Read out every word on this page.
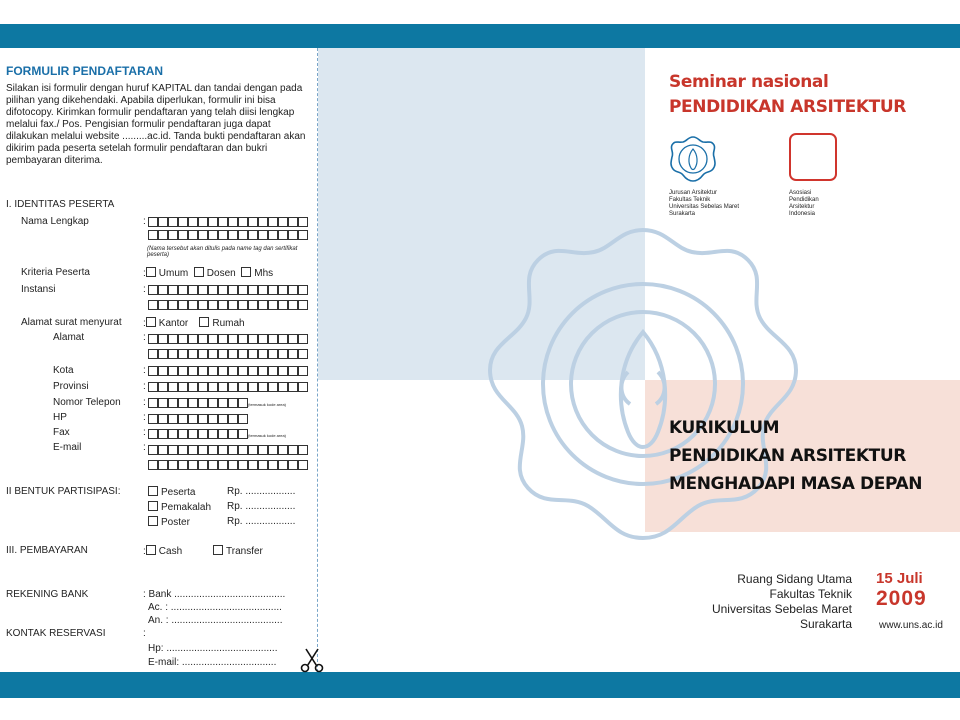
FORMULIR PENDAFTARAN
Silakan isi formulir dengan huruf KAPITAL dan tandai dengan pada pilihan yang dikehendaki. Apabila diperlukan, formulir ini bisa difotocopy. Kirimkan formulir pendaftaran yang telah diisi lengkap melalui fax./ Pos. Pengisian formulir pendaftaran juga dapat dilakukan melalui website .........ac.id. Tanda bukti pendaftaran akan dikirim pada peserta setelah formulir pendaftaran dan bukri pembayaran diterima.
I. IDENTITAS PESERTA
Nama Lengkap	:
(Nama tersebut akan ditulis pada name tag dan sertifikat peserta)
Kriteria Peserta	: Umum Dosen Mhs
Instansi	:
Alamat surat menyurat : Kantor Rumah
Alamat	:
Kota	:
Provinsi	:
Nomor Telepon :	(termasuk kode area)
HP	:
Fax	:	(termasuk kode area)
E-mail	:
II BENTUK PARTISIPASI:	Peserta	Rp. ..................
Pemakalah Rp. ..................
Poster	Rp. ..................
III. PEMBAYARAN	: Cash	Transfer
REKENING BANK	: Bank ........................................
Ac. : ........................................
An. : ........................................
KONTAK RESERVASI	:
Hp: ........................................
E-mail: ..................................
Seminar nasional
PENDIDIKAN ARSITEKTUR
Jurusan Arsitektur
Fakultas Teknik
Universitas Sebelas Maret
Surakarta
Asosiasi
Pendidikan
Arsitektur
Indonesia
KURIKULUM
PENDIDIKAN ARSITEKTUR
MENGHADAPI MASA DEPAN
Ruang Sidang Utama
Fakultas Teknik
Universitas Sebelas Maret
Surakarta
15 Juli
2009
www.uns.ac.id
